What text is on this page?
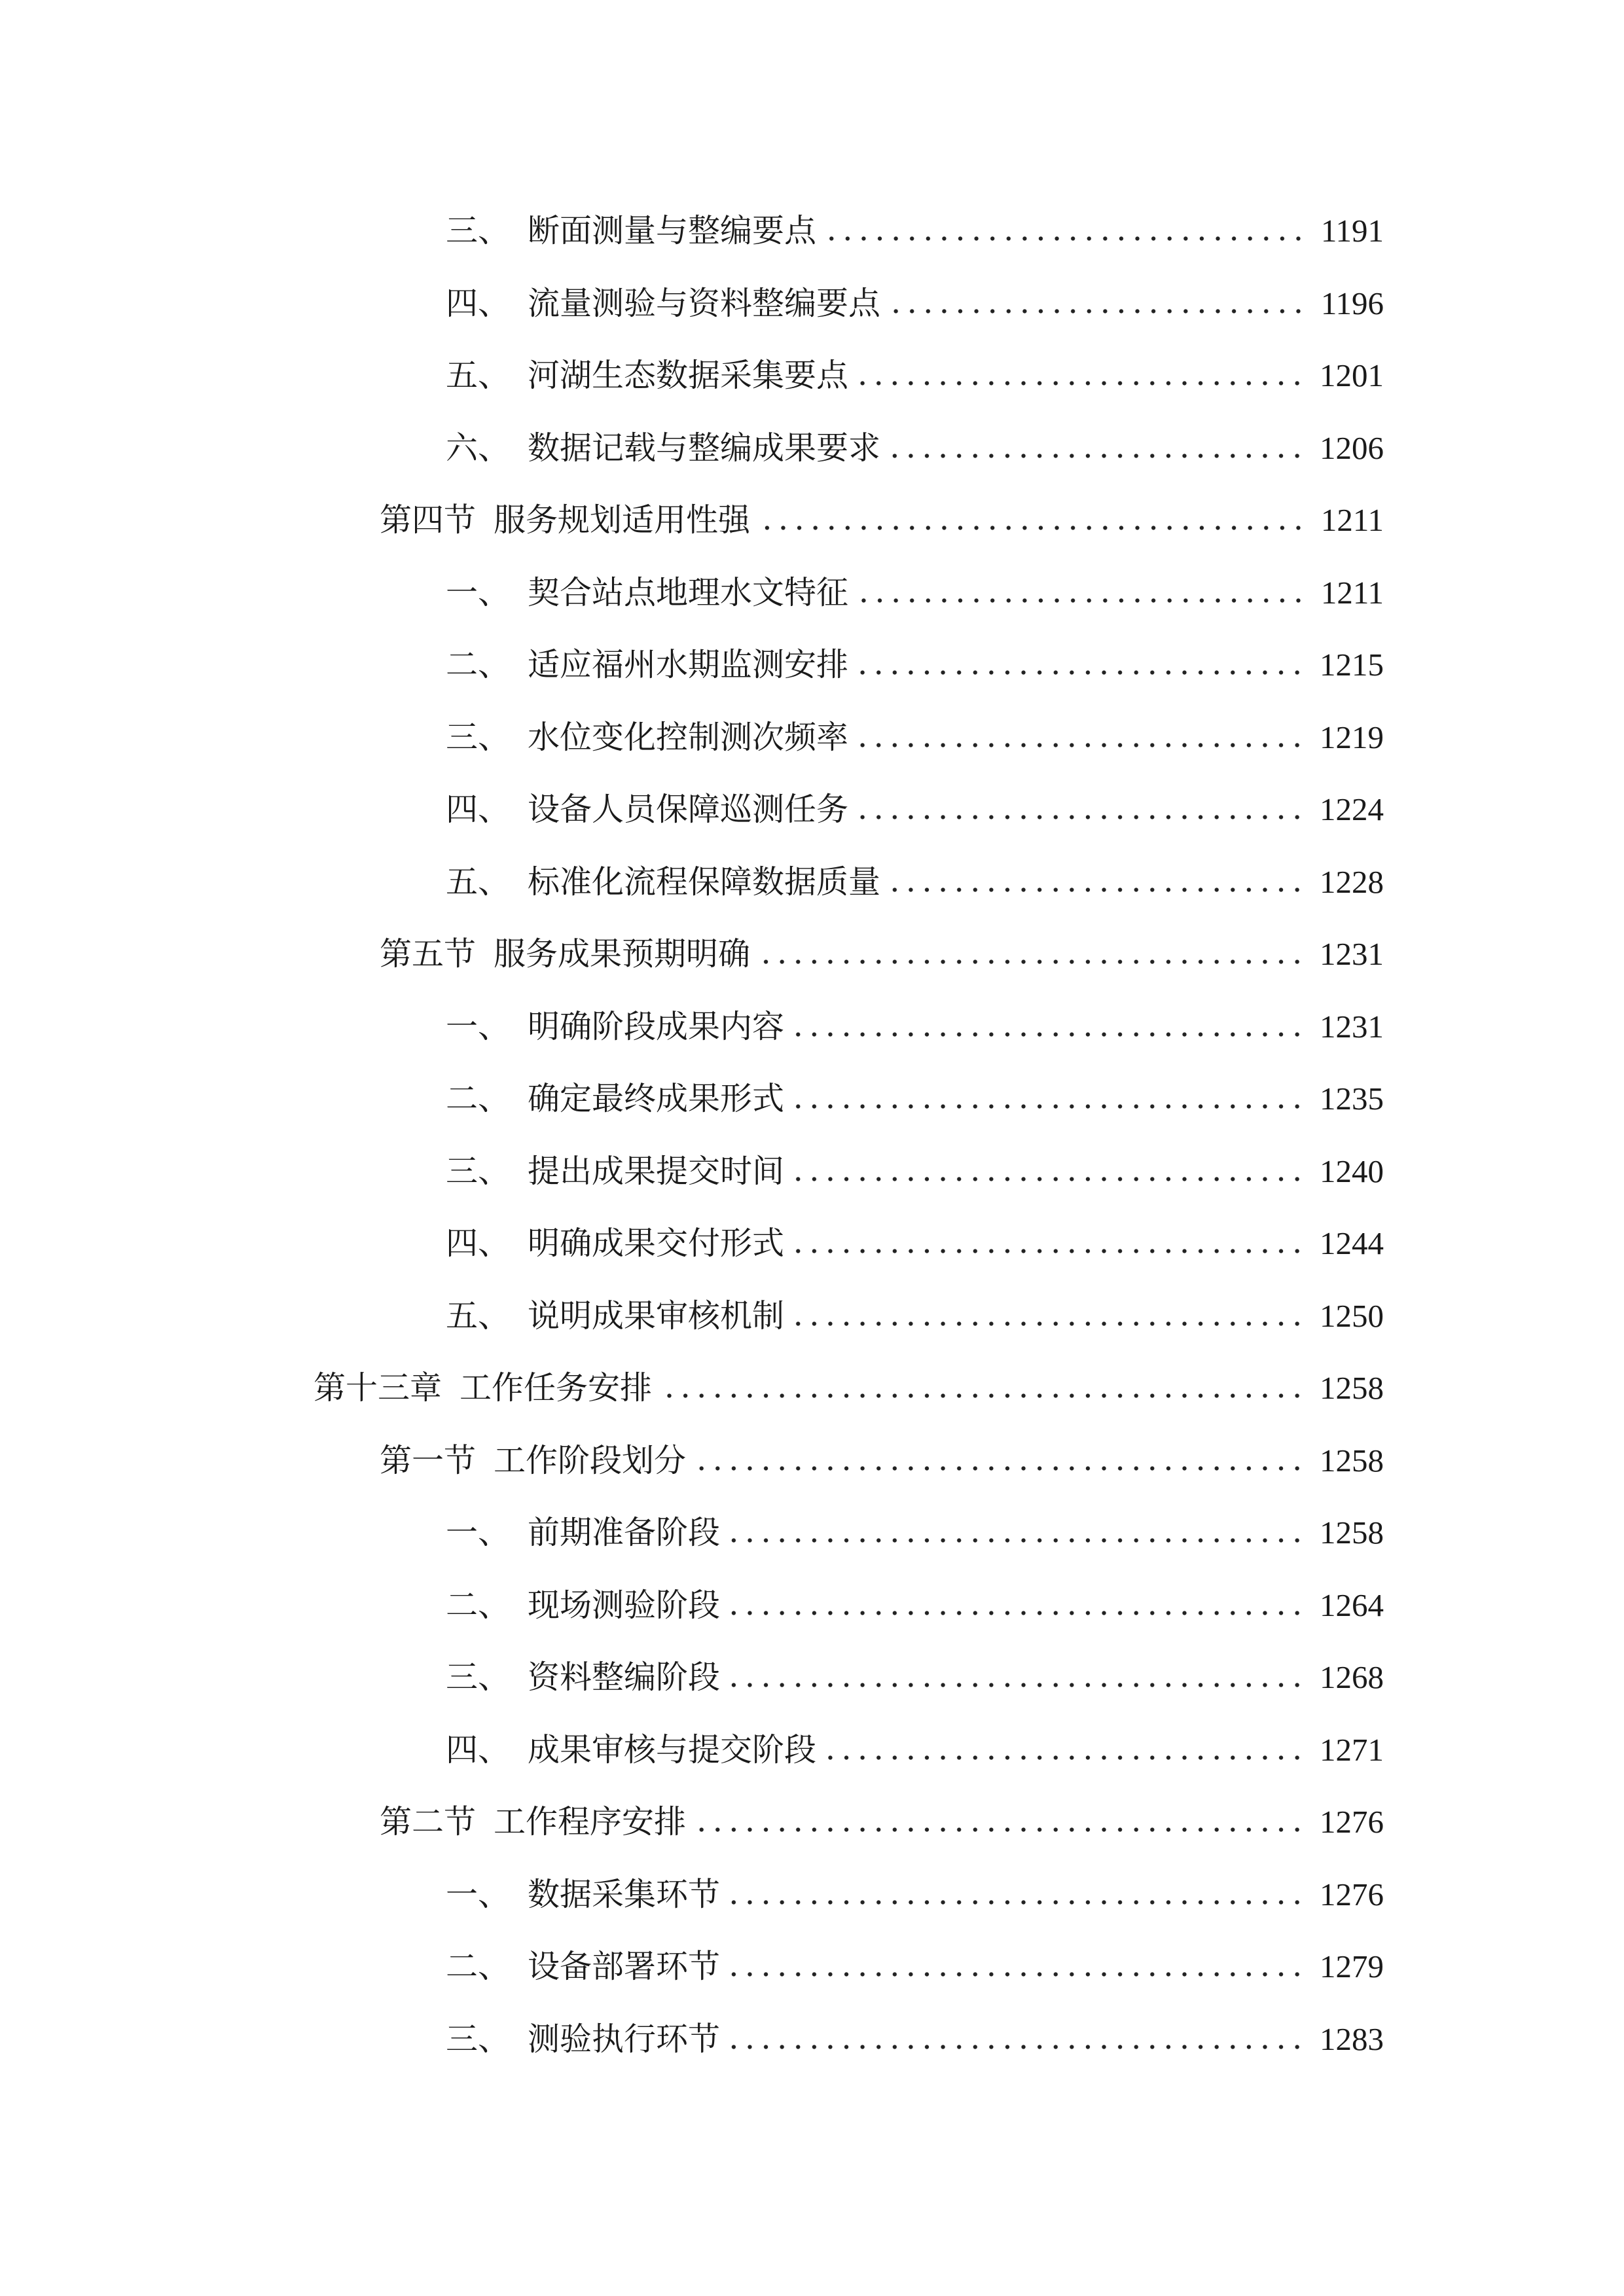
三、 断面测量与整编要点	1191
四、 流量测验与资料整编要点	1196
五、 河湖生态数据采集要点	1201
六、 数据记载与整编成果要求	1206
第四节 服务规划适用性强	1211
一、 契合站点地理水文特征	1211
二、 适应福州水期监测安排	1215
三、 水位变化控制测次频率	1219
四、 设备人员保障巡测任务	1224
五、 标准化流程保障数据质量	1228
第五节 服务成果预期明确	1231
一、 明确阶段成果内容	1231
二、 确定最终成果形式	1235
三、 提出成果提交时间	1240
四、 明确成果交付形式	1244
五、 说明成果审核机制	1250
第十三章 工作任务安排	1258
第一节 工作阶段划分	1258
一、 前期准备阶段	1258
二、 现场测验阶段	1264
三、 资料整编阶段	1268
四、 成果审核与提交阶段	1271
第二节 工作程序安排	1276
一、 数据采集环节	1276
二、 设备部署环节	1279
三、 测验执行环节	1283
